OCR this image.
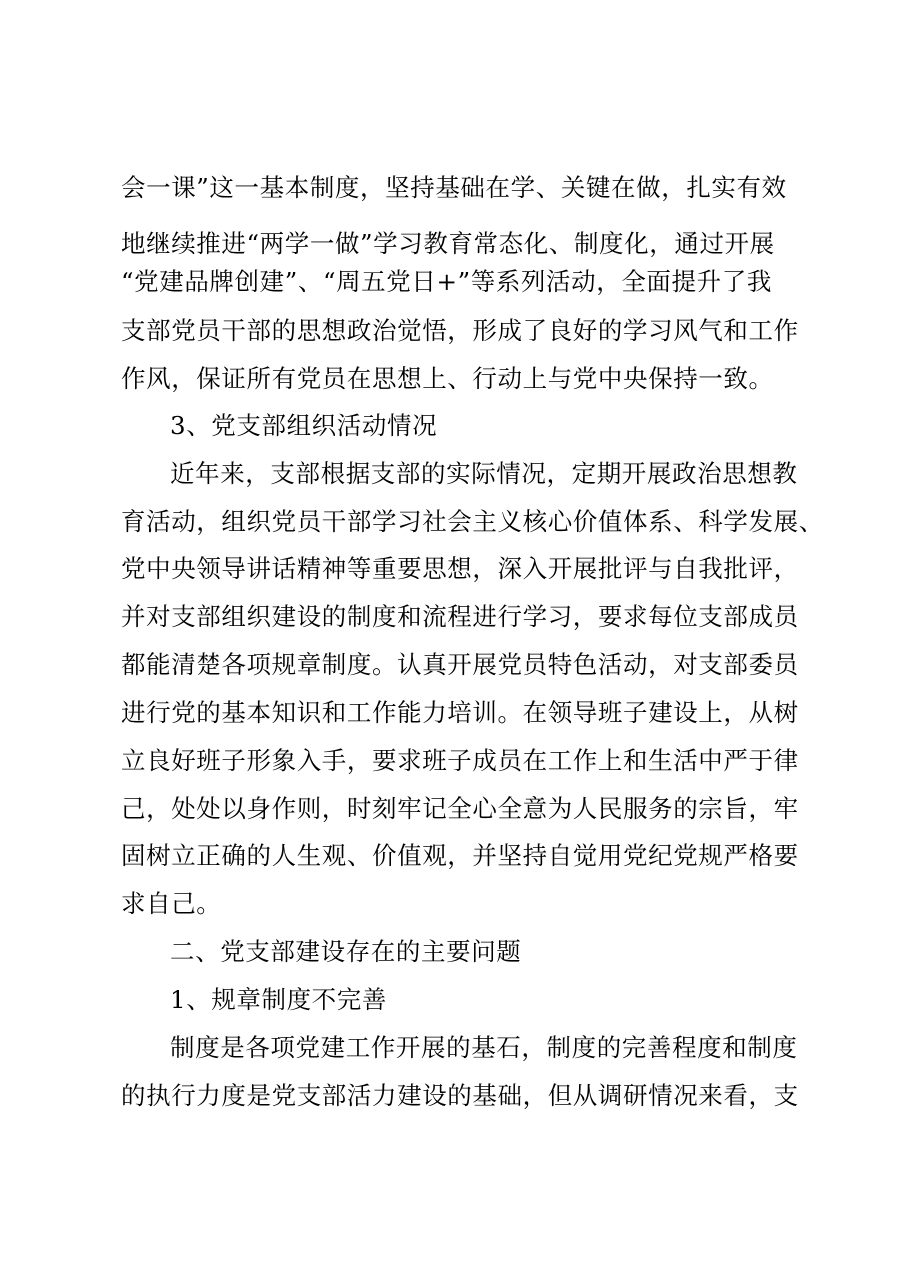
会一课”这一基本制度，坚持基础在学、关键在做，扎实有效
地继续推进“两学一做”学习教育常态化、制度化，通过开展
“党建品牌创建”、“周五党日+”等系列活动，全面提升了我
支部党员干部的思想政治觉悟，形成了良好的学习风气和工作
作风，保证所有党员在思想上、行动上与党中央保持一致。
3、党支部组织活动情况
近年来，支部根据支部的实际情况，定期开展政治思想教
育活动，组织党员干部学习社会主义核心价值体系、科学发展、
党中央领导讲话精神等重要思想，深入开展批评与自我批评，
并对支部组织建设的制度和流程进行学习，要求每位支部成员
都能清楚各项规章制度。认真开展党员特色活动，对支部委员
进行党的基本知识和工作能力培训。在领导班子建设上，从树
立良好班子形象入手，要求班子成员在工作上和生活中严于律
己，处处以身作则，时刻牢记全心全意为人民服务的宗旨，牢
固树立正确的人生观、价值观，并坚持自觉用党纪党规严格要
求自己。
二、党支部建设存在的主要问题
1、规章制度不完善
制度是各项党建工作开展的基石，制度的完善程度和制度
的执行力度是党支部活力建设的基础，但从调研情况来看，支
